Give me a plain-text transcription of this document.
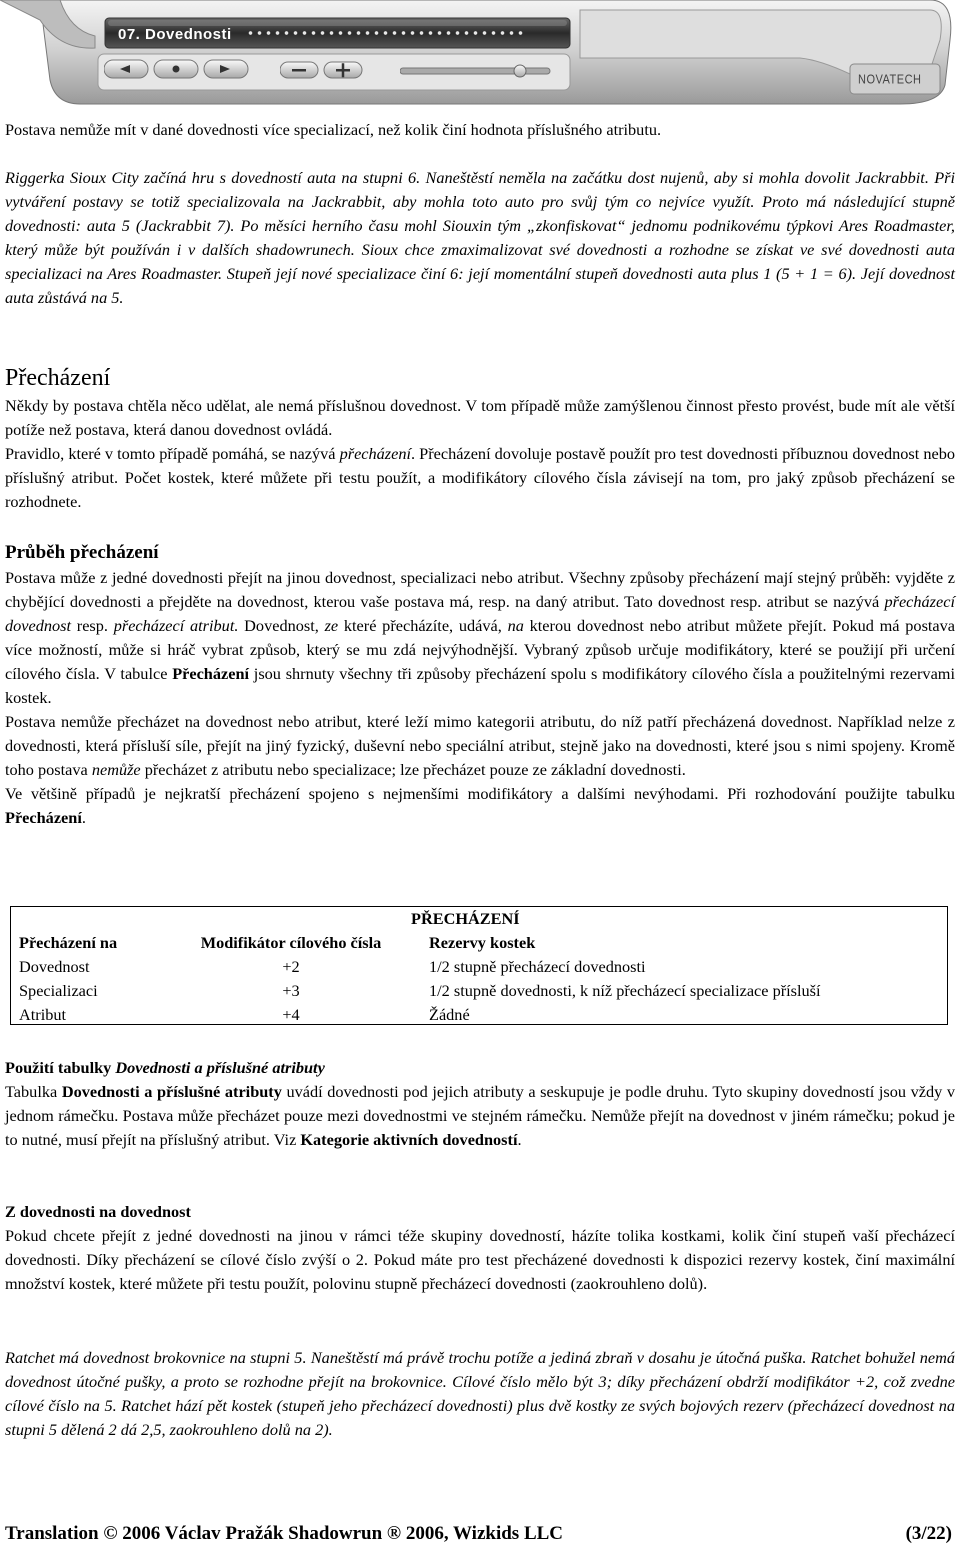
07. Dovednosti
NOVATECH

Postava nemůže mít v dané dovednosti více specializací, než kolik činí hodnota příslušného atributu.

Riggerka Sioux City začíná hru s dovedností auta na stupni 6. Naneštěstí neměla na začátku dost nujenů, aby si mohla dovolit Jackrabbit. Při vytváření postavy se totiž specializovala na Jackrabbit, aby mohla toto auto pro svůj tým co nejvíce využít. Proto má následující stupně dovednosti: auta 5 (Jackrabbit 7). Po měsíci herního času mohl Siouxin tým „zkonfiskovat“ jednomu podnikovému týpkovi Ares Roadmaster, který může být používán i v dalších shadowrunech. Sioux chce zmaximalizovat své dovednosti a rozhodne se získat ve své dovednosti auta specializaci na Ares Roadmaster. Stupeň její nové specializace činí 6: její momentální stupeň dovednosti auta plus 1 (5 + 1 = 6). Její dovednost auta zůstává na 5.

Přecházení

Někdy by postava chtěla něco udělat, ale nemá příslušnou dovednost. V tom případě může zamýšlenou činnost přesto provést, bude mít ale větší potíže než postava, která danou dovednost ovládá.

Pravidlo, které v tomto případě pomáhá, se nazývá přecházení. Přecházení dovoluje postavě použít pro test dovednosti příbuznou dovednost nebo příslušný atribut. Počet kostek, které můžete při testu použít, a modifikátory cílového čísla závisejí na tom, pro jaký způsob přecházení se rozhodnete.

Průběh přecházení

Postava může z jedné dovednosti přejít na jinou dovednost, specializaci nebo atribut. Všechny způsoby přecházení mají stejný průběh: vyjděte z chybějící dovednosti a přejděte na dovednost, kterou vaše postava má, resp. na daný atribut. Tato dovednost resp. atribut se nazývá přecházecí dovednost resp. přecházecí atribut. Dovednost, ze které přecházíte, udává, na kterou dovednost nebo atribut můžete přejít. Pokud má postava více možností, může si hráč vybrat způsob, který se mu zdá nejvýhodnější. Vybraný způsob určuje modifikátory, které se použijí při určení cílového čísla. V tabulce Přecházení jsou shrnuty všechny tři způsoby přecházení spolu s modifikátory cílového čísla a použitelnými rezervami kostek.

Postava nemůže přecházet na dovednost nebo atribut, které leží mimo kategorii atributu, do níž patří přecházená dovednost. Například nelze z dovednosti, která přísluší síle, přejít na jiný fyzický, duševní nebo speciální atribut, stejně jako na dovednosti, které jsou s nimi spojeny. Kromě toho postava nemůže přecházet z atributu nebo specializace; lze přecházet pouze ze základní dovednosti.

Ve většině případů je nejkratší přecházení spojeno s nejmenšími modifikátory a dalšími nevýhodami. Při rozhodování použijte tabulku Přecházení.

PŘECHÁZENÍ
Přecházení na	Modifikátor cílového čísla	Rezervy kostek
Dovednost	+2	1/2 stupně přecházecí dovednosti
Specializaci	+3	1/2 stupně dovednosti, k níž přecházecí specializace přísluší
Atribut	+4	Žádné

Použití tabulky Dovednosti a příslušné atributy

Tabulka Dovednosti a příslušné atributy uvádí dovednosti pod jejich atributy a seskupuje je podle druhu. Tyto skupiny dovedností jsou vždy v jednom rámečku. Postava může přecházet pouze mezi dovednostmi ve stejném rámečku. Nemůže přejít na dovednost v jiném rámečku; pokud je to nutné, musí přejít na příslušný atribut. Viz Kategorie aktivních dovedností.

Z dovednosti na dovednost

Pokud chcete přejít z jedné dovednosti na jinou v rámci téže skupiny dovedností, házíte tolika kostkami, kolik činí stupeň vaší přecházecí dovednosti. Díky přecházení se cílové číslo zvýší o 2. Pokud máte pro test přecházené dovednosti k dispozici rezervy kostek, činí maximální množství kostek, které můžete při testu použít, polovinu stupně přecházecí dovednosti (zaokrouhleno dolů).

Ratchet má dovednost brokovnice na stupni 5. Naneštěstí má právě trochu potíže a jediná zbraň v dosahu je útočná puška. Ratchet bohužel nemá dovednost útočné pušky, a proto se rozhodne přejít na brokovnice. Cílové číslo mělo být 3; díky přecházení obdrží modifikátor +2, což zvedne cílové číslo na 5. Ratchet hází pět kostek (stupeň jeho přecházecí dovednosti) plus dvě kostky ze svých bojových rezerv (přecházecí dovednost na stupni 5 dělená 2 dá 2,5, zaokrouhleno dolů na 2).

Translation © 2006 Václav Pražák Shadowrun ® 2006, Wizkids LLC	(3/22)
